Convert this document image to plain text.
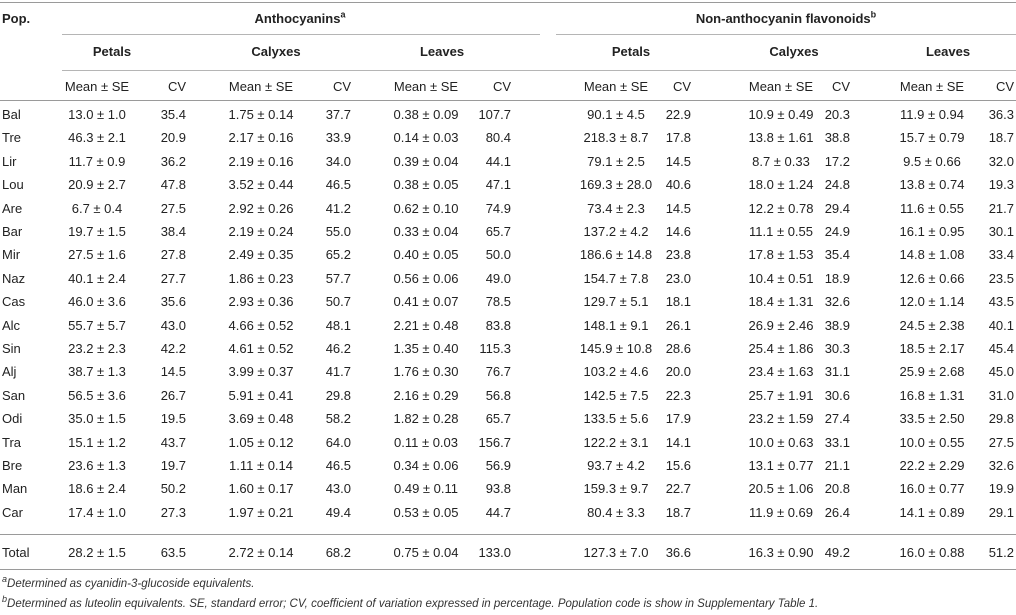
Pop.	Anthocyanins$^a$	Non-anthocyanin flavonoids$^b$
Petals	Calyxes	Leaves	Petals	Calyxes	Leaves
Mean ± SE	CV	Mean ± SE	CV	Mean ± SE	CV	Mean ± SE	CV	Mean ± SE	CV	Mean ± SE	CV
Bal	13.0 ± 1.0	35.4	1.75 ± 0.14	37.7	0.38 ± 0.09	107.7	90.1 ± 4.5	22.9	10.9 ± 0.49 20.3	11.9 ± 0.94	36.3
Tre	46.3 ± 2.1	20.9	2.17 ± 0.16	33.9	0.14 ± 0.03	80.4	218.3 ± 8.7	17.8	13.8 ± 1.61 38.8	15.7 ± 0.79	18.7
Lir	11.7 ± 0.9	36.2	2.19 ± 0.16	34.0	0.39 ± 0.04	44.1	79.1 ± 2.5	14.5	8.7 ± 0.33	17.2	9.5 ± 0.66	32.0
Lou	20.9 ± 2.7	47.8	3.52 ± 0.44	46.5	0.38 ± 0.05	47.1	169.3 ± 28.0	40.6	18.0 ± 1.24 24.8	13.8 ± 0.74	19.3
Are	6.7 ± 0.4	27.5	2.92 ± 0.26	41.2	0.62 ± 0.10	74.9	73.4 ± 2.3	14.5	12.2 ± 0.78 29.4	11.6 ± 0.55	21.7
Bar	19.7 ± 1.5	38.4	2.19 ± 0.24	55.0	0.33 ± 0.04	65.7	137.2 ± 4.2	14.6	11.1 ± 0.55 24.9	16.1 ± 0.95	30.1
Mir	27.5 ± 1.6	27.8	2.49 ± 0.35	65.2	0.40 ± 0.05	50.0	186.6 ± 14.8	23.8	17.8 ± 1.53 35.4	14.8 ± 1.08	33.4
Naz	40.1 ± 2.4	27.7	1.86 ± 0.23	57.7	0.56 ± 0.06	49.0	154.7 ± 7.8	23.0	10.4 ± 0.51 18.9	12.6 ± 0.66	23.5
Cas	46.0 ± 3.6	35.6	2.93 ± 0.36	50.7	0.41 ± 0.07	78.5	129.7 ± 5.1	18.1	18.4 ± 1.31 32.6	12.0 ± 1.14	43.5
Alc	55.7 ± 5.7	43.0	4.66 ± 0.52	48.1	2.21 ± 0.48	83.8	148.1 ± 9.1	26.1	26.9 ± 2.46 38.9	24.5 ± 2.38	40.1
Sin	23.2 ± 2.3	42.2	4.61 ± 0.52	46.2	1.35 ± 0.40	115.3	145.9 ± 10.8	28.6	25.4 ± 1.86 30.3	18.5 ± 2.17	45.4
Alj	38.7 ± 1.3	14.5	3.99 ± 0.37	41.7	1.76 ± 0.30	76.7	103.2 ± 4.6	20.0	23.4 ± 1.63 31.1	25.9 ± 2.68	45.0
San	56.5 ± 3.6	26.7	5.91 ± 0.41	29.8	2.16 ± 0.29	56.8	142.5 ± 7.5	22.3	25.7 ± 1.91 30.6	16.8 ± 1.31	31.0
Odi	35.0 ± 1.5	19.5	3.69 ± 0.48	58.2	1.82 ± 0.28	65.7	133.5 ± 5.6	17.9	23.2 ± 1.59 27.4	33.5 ± 2.50	29.8
Tra	15.1 ± 1.2	43.7	1.05 ± 0.12	64.0	0.11 ± 0.03	156.7	122.2 ± 3.1	14.1	10.0 ± 0.63 33.1	10.0 ± 0.55	27.5
Bre	23.6 ± 1.3	19.7	1.11 ± 0.14	46.5	0.34 ± 0.06	56.9	93.7 ± 4.2	15.6	13.1 ± 0.77 21.1	22.2 ± 2.29	32.6
Man	18.6 ± 2.4	50.2	1.60 ± 0.17	43.0	0.49 ± 0.11	93.8	159.3 ± 9.7	22.7	20.5 ± 1.06 20.8	16.0 ± 0.77	19.9
Car	17.4 ± 1.0	27.3	1.97 ± 0.21	49.4	0.53 ± 0.05	44.7	80.4 ± 3.3	18.7	11.9 ± 0.69 26.4	14.1 ± 0.89	29.1
Total	28.2 ± 1.5	63.5	2.72 ± 0.14	68.2	0.75 ± 0.04	133.0	127.3 ± 7.0	36.6	16.3 ± 0.90 49.2	16.0 ± 0.88	51.2
$^a$Determined as cyanidin-3-glucoside equivalents.
$^b$Determined as luteolin equivalents. SE, standard error; CV, coefficient of variation expressed in percentage. Population code is show in Supplementary Table 1.
